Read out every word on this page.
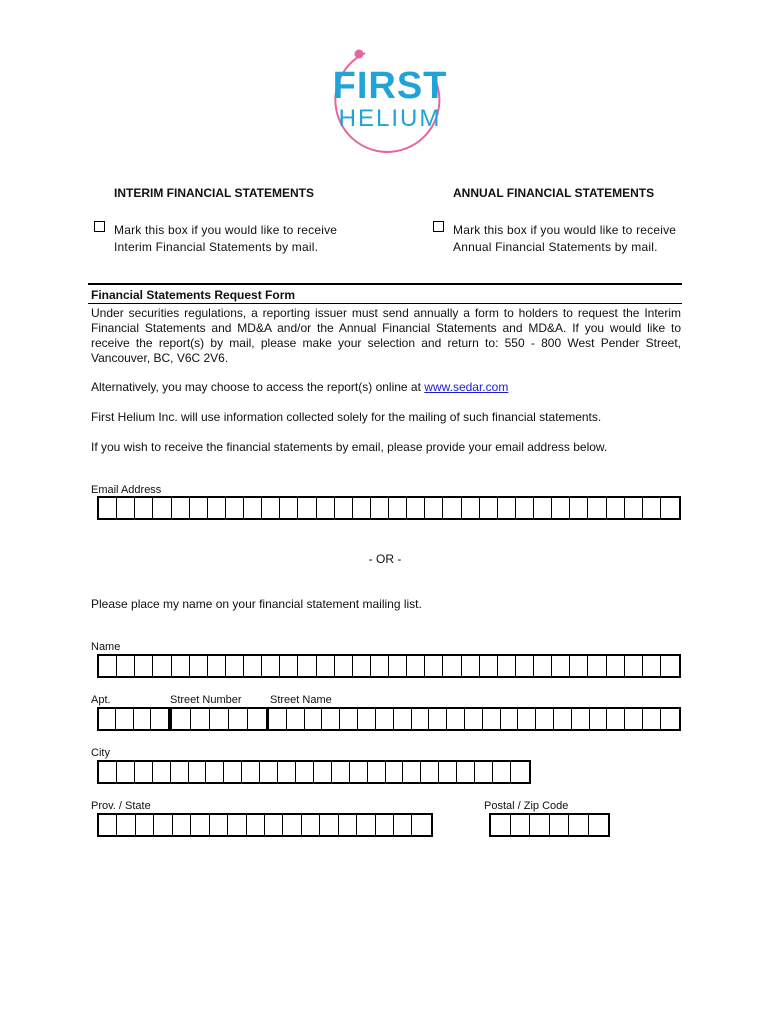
FIRST
HELIUM
INTERIM FINANCIAL STATEMENTS	ANNUAL FINANCIAL STATEMENTS
Mark this box if you would like to receive
Interim Financial Statements by mail.
Mark this box if you would like to receive
Annual Financial Statements by mail.
Financial Statements Request Form
Under securities regulations, a reporting issuer must send annually a form to holders to request the Interim Financial Statements and MD&A and/or the Annual Financial Statements and MD&A. If you would like to receive the report(s) by mail, please make your selection and return to: 550 - 800 West Pender Street, Vancouver, BC, V6C 2V6.
Alternatively, you may choose to access the report(s) online at www.sedar.com
First Helium Inc. will use information collected solely for the mailing of such financial statements.
If you wish to receive the financial statements by email, please provide your email address below.
Email Address
- OR -
Please place my name on your financial statement mailing list.
Name
Apt.	Street Number	Street Name
City
Prov. / State	Postal / Zip Code
